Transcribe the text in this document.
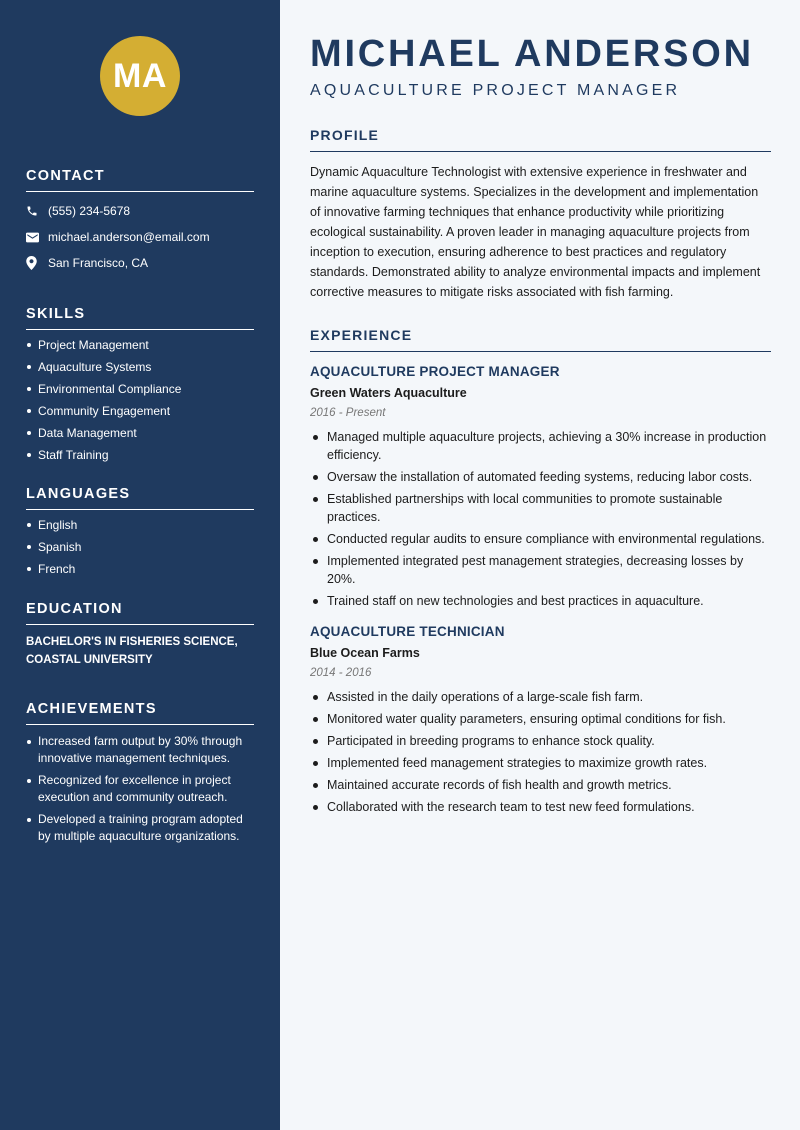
MA
CONTACT
(555) 234-5678
michael.anderson@email.com
San Francisco, CA
SKILLS
Project Management
Aquaculture Systems
Environmental Compliance
Community Engagement
Data Management
Staff Training
LANGUAGES
English
Spanish
French
EDUCATION

BACHELOR'S IN FISHERIES SCIENCE, COASTAL UNIVERSITY

ACHIEVEMENTS
Increased farm output by 30% through innovative management techniques.
Recognized for excellence in project execution and community outreach.
Developed a training program adopted by multiple aquaculture organizations.
MICHAEL ANDERSON
AQUACULTURE PROJECT MANAGER
PROFILE

Dynamic Aquaculture Technologist with extensive experience in freshwater and marine aquaculture systems. Specializes in the development and implementation of innovative farming techniques that enhance productivity while prioritizing ecological sustainability. A proven leader in managing aquaculture projects from inception to execution, ensuring adherence to best practices and regulatory standards. Demonstrated ability to analyze environmental impacts and implement corrective measures to mitigate risks associated with fish farming.

EXPERIENCE
AQUACULTURE PROJECT MANAGER
Green Waters Aquaculture
2016 - Present
Managed multiple aquaculture projects, achieving a 30% increase in production efficiency.
Oversaw the installation of automated feeding systems, reducing labor costs.
Established partnerships with local communities to promote sustainable practices.
Conducted regular audits to ensure compliance with environmental regulations.
Implemented integrated pest management strategies, decreasing losses by 20%.
Trained staff on new technologies and best practices in aquaculture.
AQUACULTURE TECHNICIAN
Blue Ocean Farms
2014 - 2016
Assisted in the daily operations of a large-scale fish farm.
Monitored water quality parameters, ensuring optimal conditions for fish.
Participated in breeding programs to enhance stock quality.
Implemented feed management strategies to maximize growth rates.
Maintained accurate records of fish health and growth metrics.
Collaborated with the research team to test new feed formulations.
